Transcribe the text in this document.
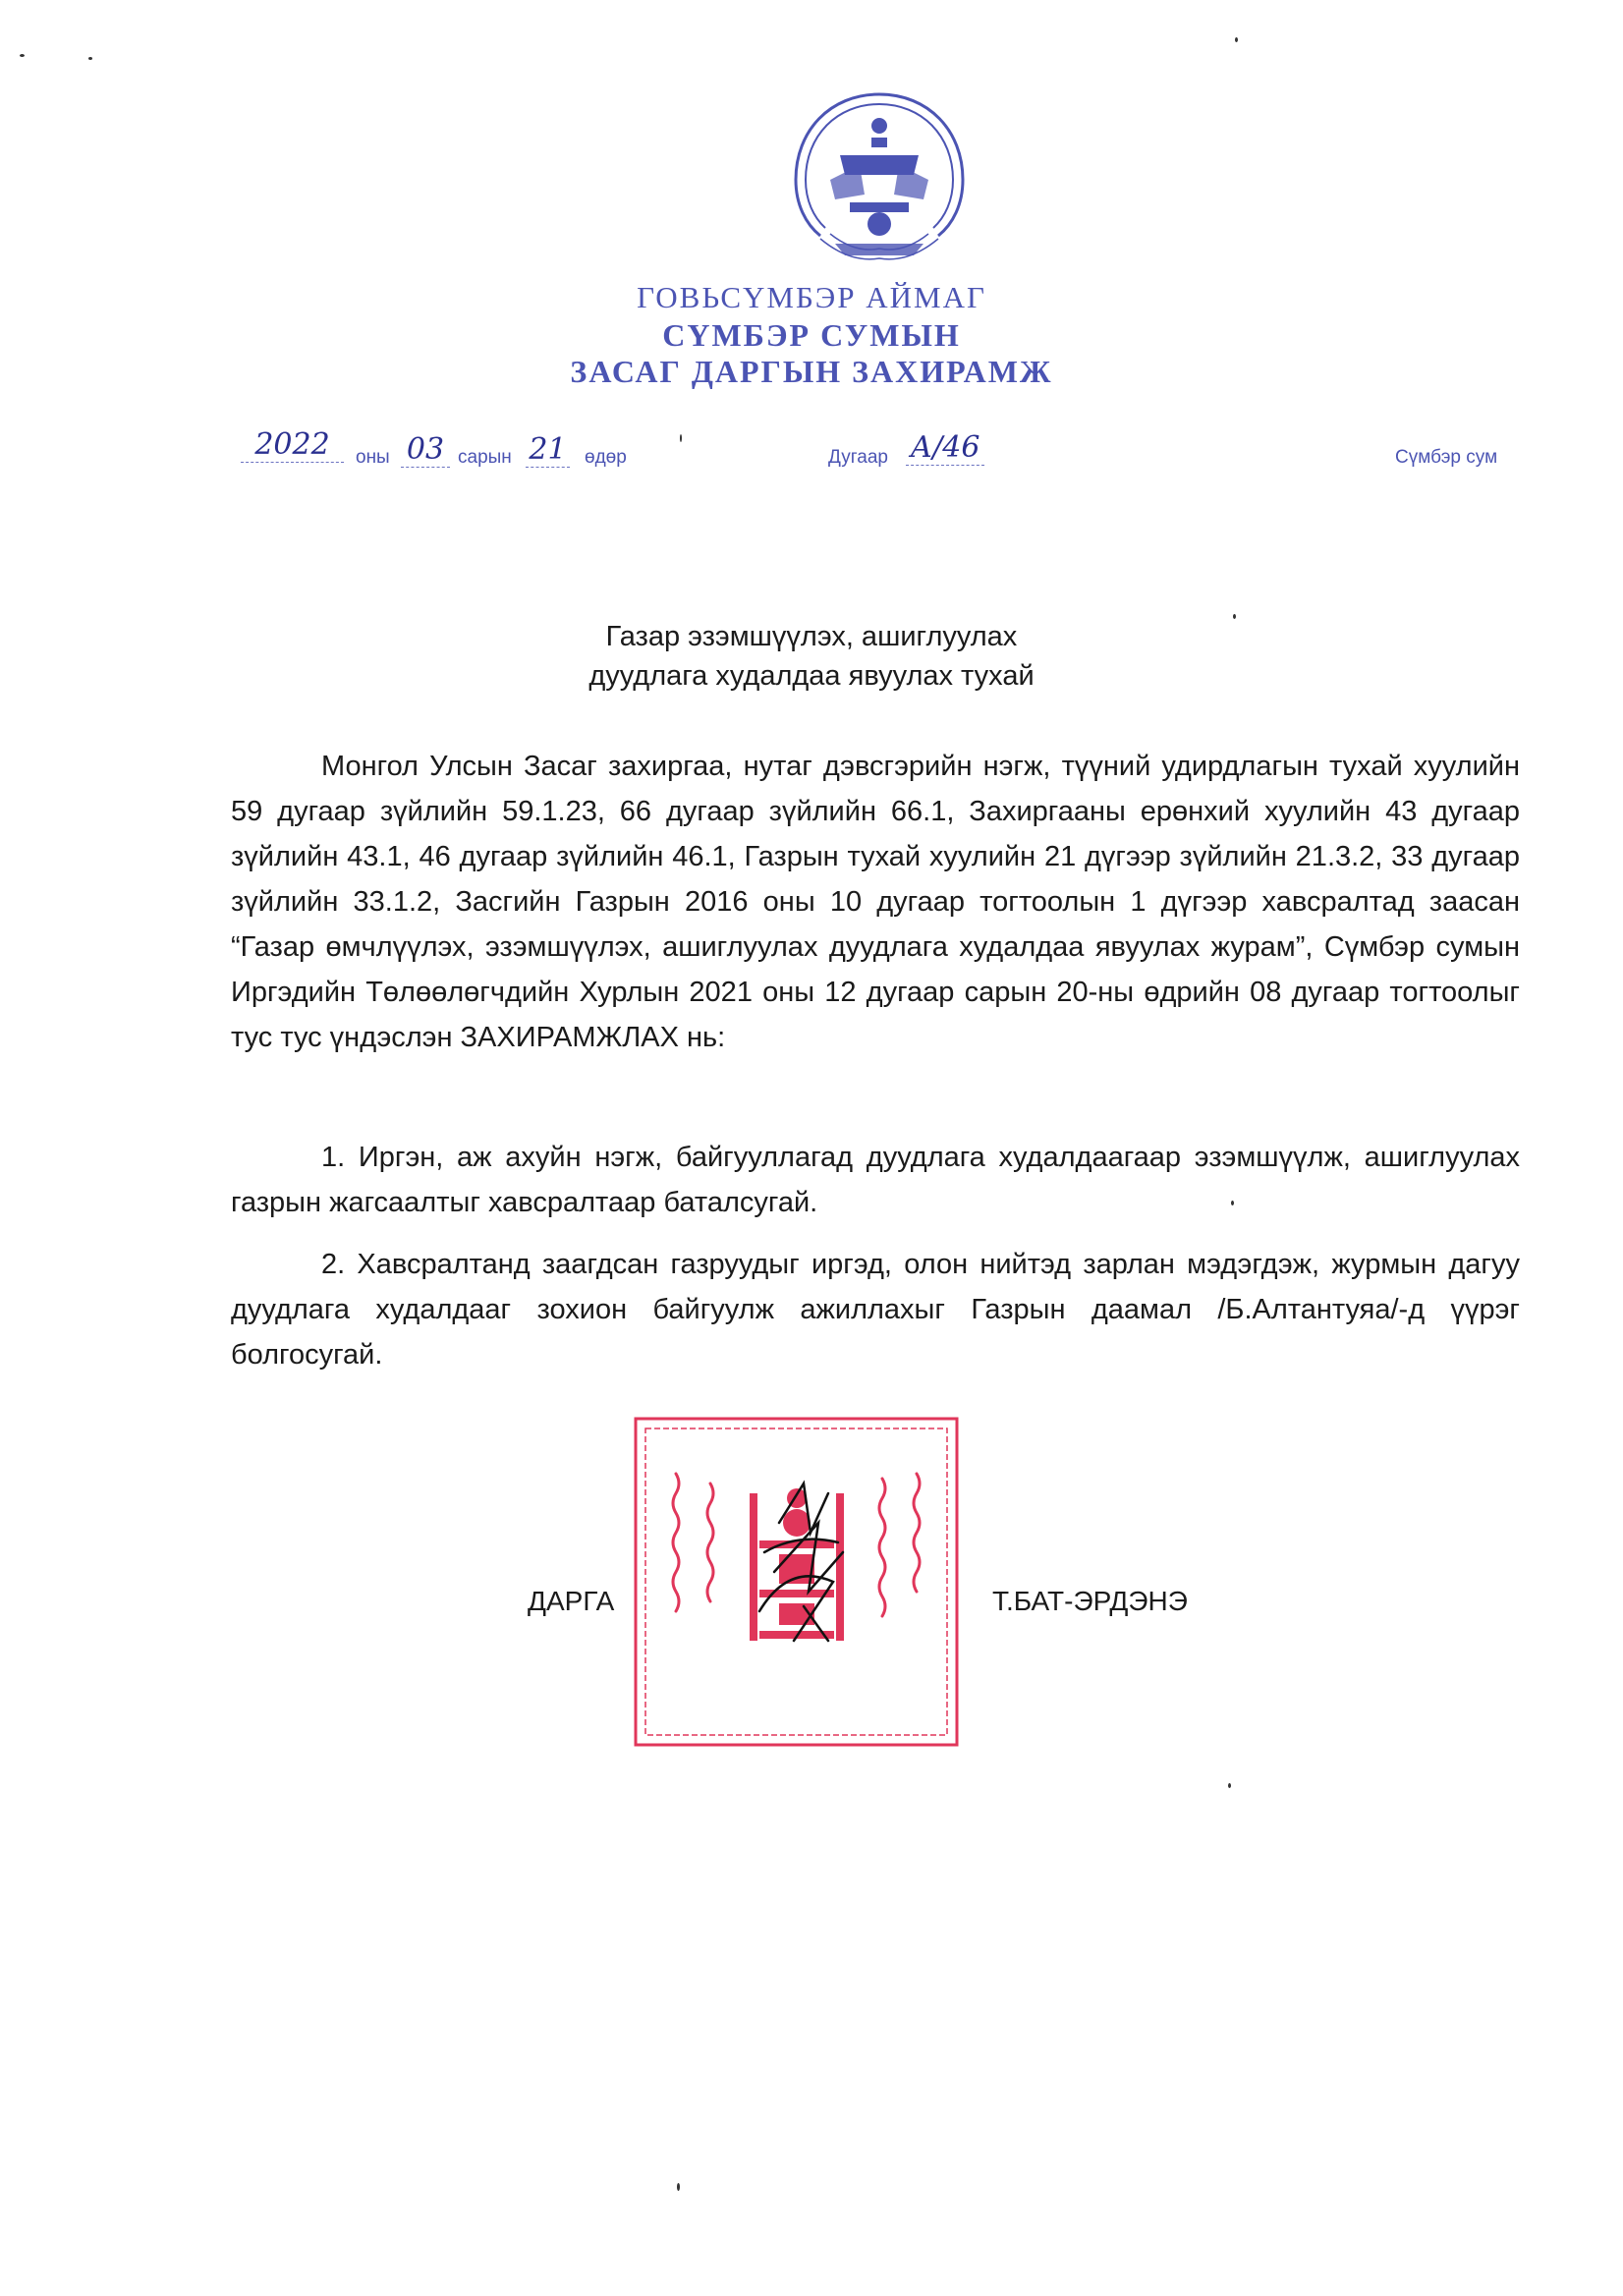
ГОВЬСҮМБЭР АЙМАГ
СҮМБЭР СУМЫН
ЗАСАГ ДАРГЫН ЗАХИРАМЖ
2022	оны 03 сарын 21 өдөр	Дугаар А/46	Сүмбэр сум
Газар эзэмшүүлэх, ашиглуулах
дуудлага худалдаа явуулах тухай
Монгол Улсын Засаг захиргаа, нутаг дэвсгэрийн нэгж, түүний удирдлагын тухай хуулийн 59 дугаар зүйлийн 59.1.23, 66 дугаар зүйлийн 66.1, Захиргааны ерөнхий хуулийн 43 дугаар зүйлийн 43.1, 46 дугаар зүйлийн 46.1, Газрын тухай хуулийн 21 дүгээр зүйлийн 21.3.2, 33 дугаар зүйлийн 33.1.2, Засгийн Газрын 2016 оны 10 дугаар тогтоолын 1 дүгээр хавсралтад заасан “Газар өмчлүүлэх, эзэмшүүлэх, ашиглуулах дуудлага худалдаа явуулах журам”, Сүмбэр сумын Иргэдийн Төлөөлөгчдийн Хурлын 2021 оны 12 дугаар сарын 20-ны өдрийн 08 дугаар тогтоолыг тус тус үндэслэн ЗАХИРАМЖЛАХ нь:
1. Иргэн, аж ахуйн нэгж, байгууллагад дуудлага худалдаагаар эзэмшүүлж, ашиглуулах газрын жагсаалтыг хавсралтаар баталсугай.
2. Хавсралтанд заагдсан газруудыг иргэд, олон нийтэд зарлан мэдэгдэж, журмын дагуу дуудлага худалдааг зохион байгуулж ажиллахыг Газрын даамал /Б.Алтантуяа/-д үүрэг болгосугай.
ДАРГА	Т.БАТ-ЭРДЭНЭ
